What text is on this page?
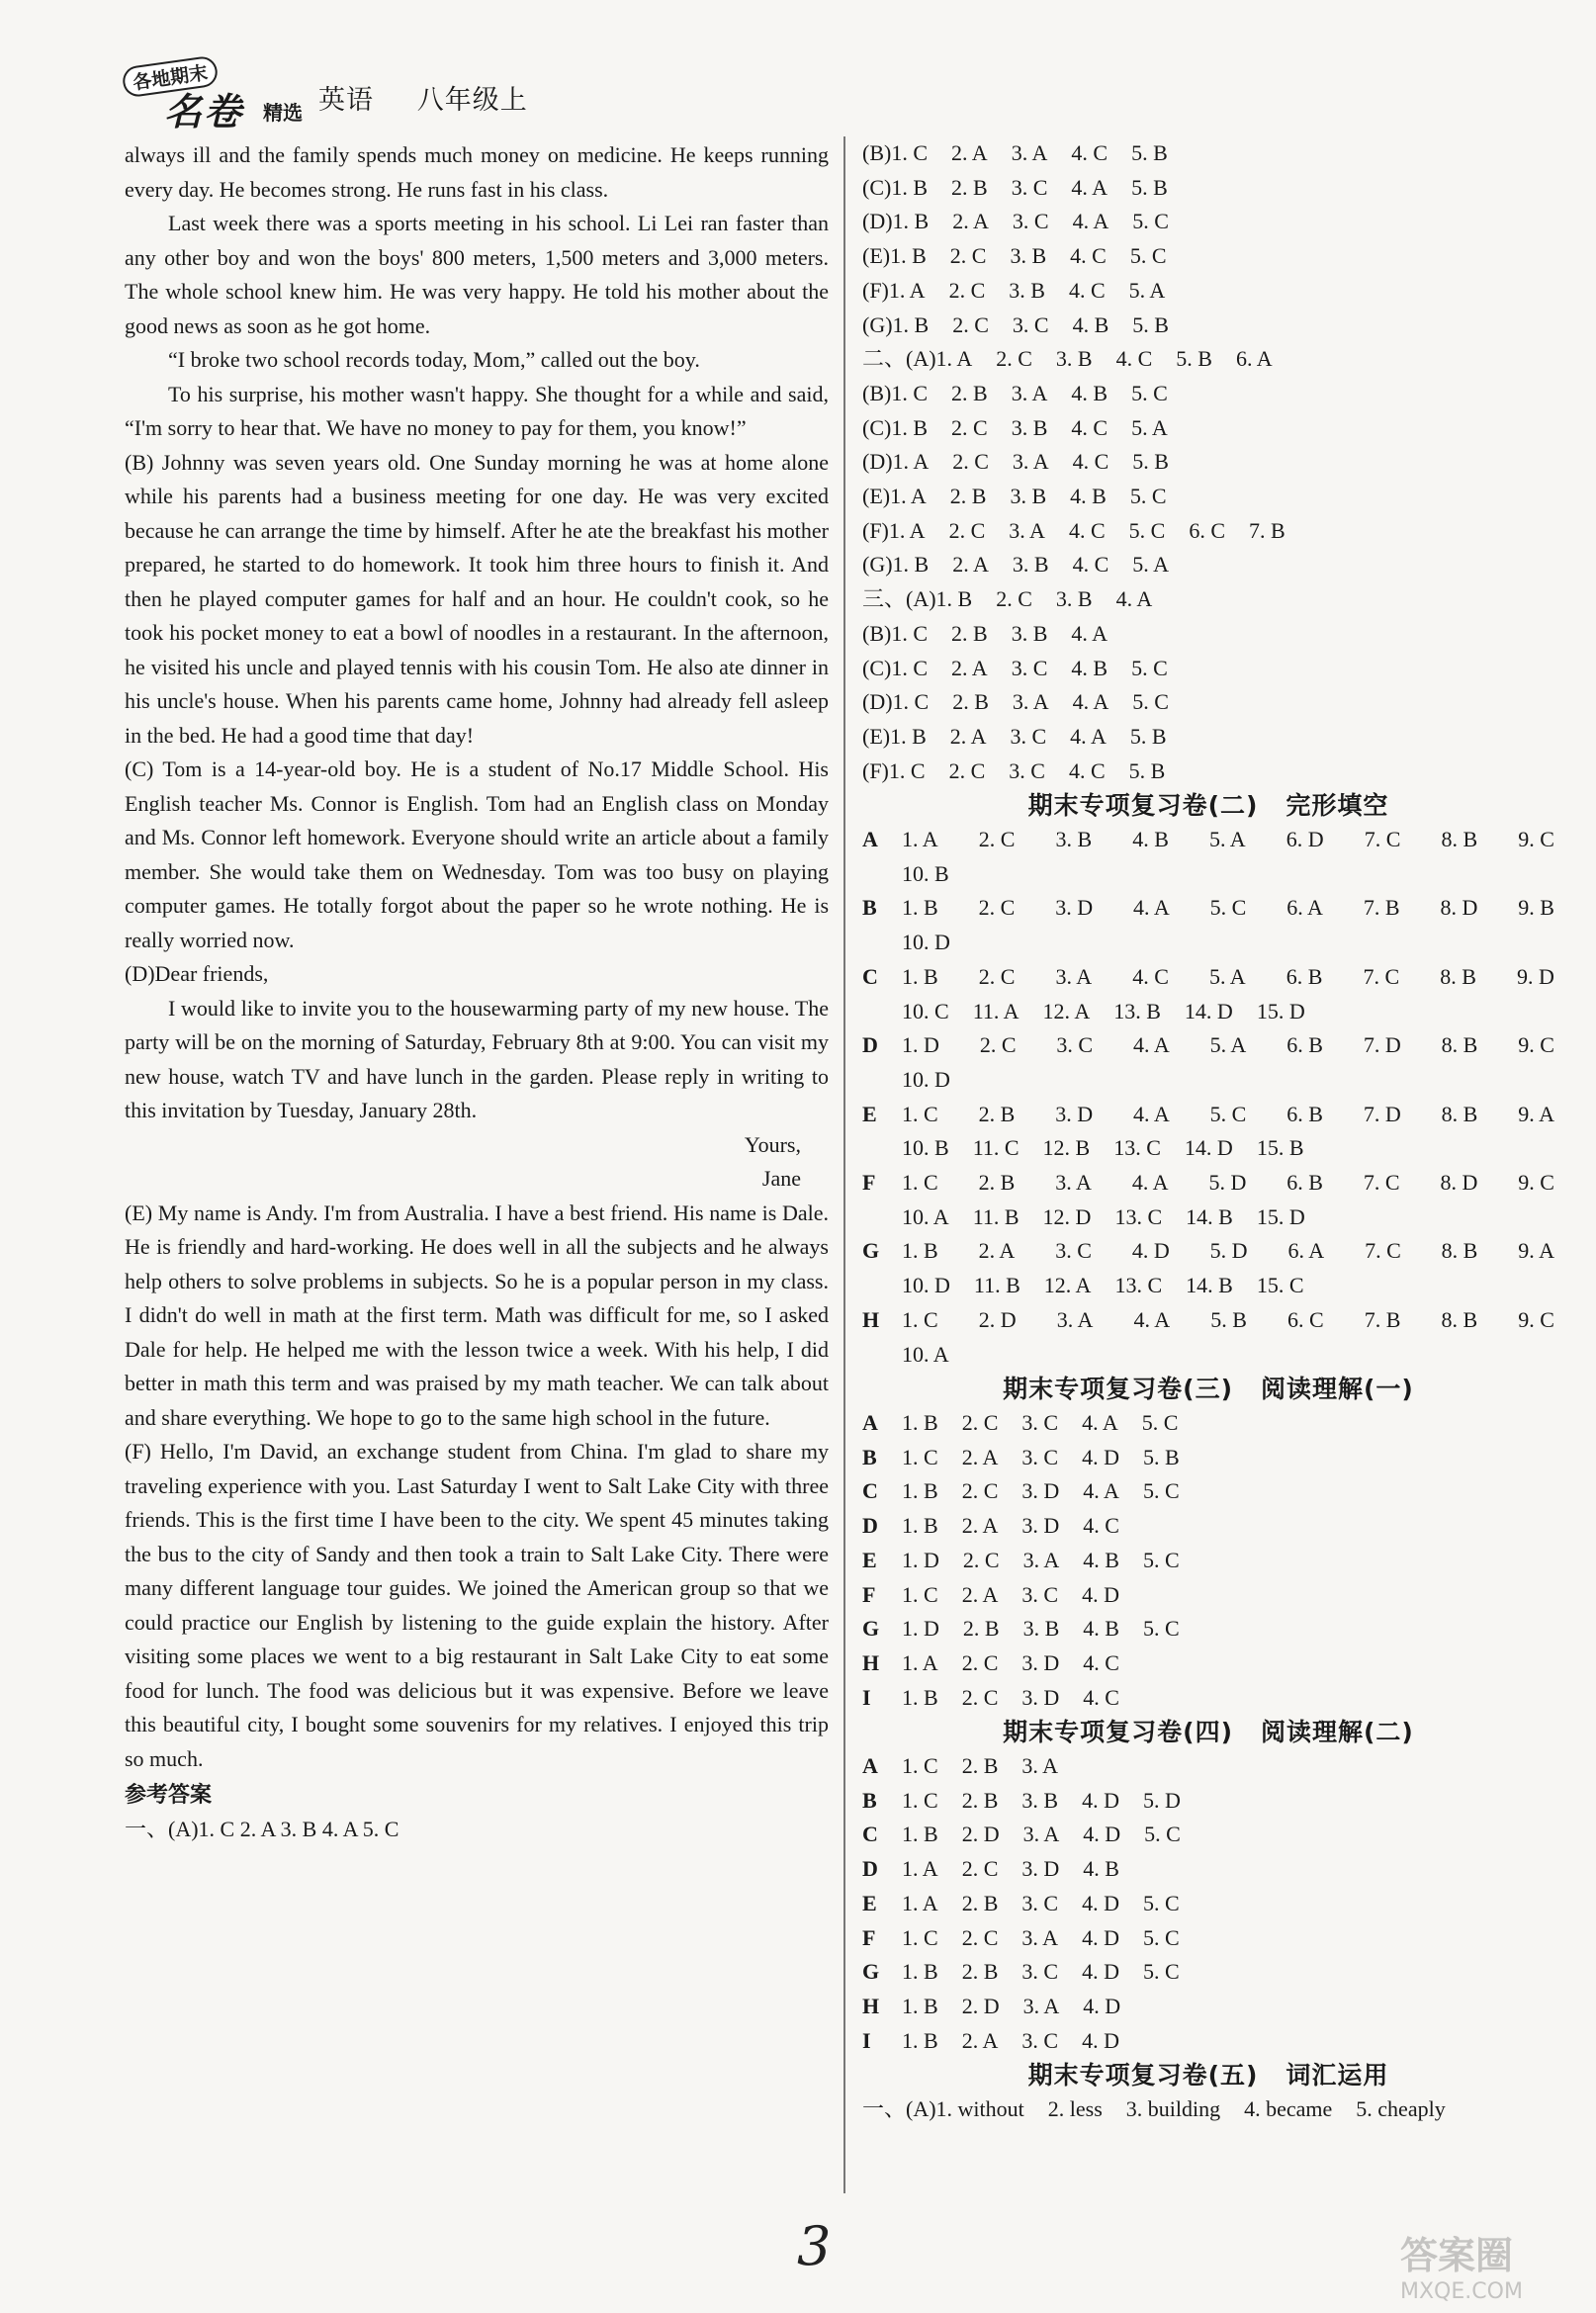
各地期末
名卷 精选 英语 八年级上

always ill and the family spends much money on medicine. He keeps running every day. He becomes strong. He runs fast in his class.

Last week there was a sports meeting in his school. Li Lei ran faster than any other boy and won the boys' 800 meters, 1,500 meters and 3,000 meters. The whole school knew him. He was very happy. He told his mother about the good news as soon as he got home.

“I broke two school records today, Mom,” called out the boy.

To his surprise, his mother wasn't happy. She thought for a while and said, “I'm sorry to hear that. We have no money to pay for them, you know!”

(B) Johnny was seven years old. One Sunday morning he was at home alone while his parents had a business meeting for one day. He was very excited because he can arrange the time by himself. After he ate the breakfast his mother prepared, he started to do homework. It took him three hours to finish it. And then he played computer games for half and an hour. He couldn't cook, so he took his pocket money to eat a bowl of noodles in a restaurant. In the afternoon, he visited his uncle and played tennis with his cousin Tom. He also ate dinner in his uncle's house. When his parents came home, Johnny had already fell asleep in the bed. He had a good time that day!

(C) Tom is a 14-year-old boy. He is a student of No.17 Middle School. His English teacher Ms. Connor is English. Tom had an English class on Monday and Ms. Connor left homework. Everyone should write an article about a family member. She would take them on Wednesday. Tom was too busy on playing computer games. He totally forgot about the paper so he wrote nothing. He is really worried now.

(D)Dear friends,

I would like to invite you to the housewarming party of my new house. The party will be on the morning of Saturday, February 8th at 9:00. You can visit my new house, watch TV and have lunch in the garden. Please reply in writing to this invitation by Tuesday, January 28th.

Yours,

Jane

(E) My name is Andy. I'm from Australia. I have a best friend. His name is Dale. He is friendly and hard-working. He does well in all the subjects and he always help others to solve problems in subjects. So he is a popular person in my class. I didn't do well in math at the first term. Math was difficult for me, so I asked Dale for help. He helped me with the lesson twice a week. With his help, I did better in math this term and was praised by my math teacher. We can talk about and share everything. We hope to go to the same high school in the future.

(F) Hello, I'm David, an exchange student from China. I'm glad to share my traveling experience with you. Last Saturday I went to Salt Lake City with three friends. This is the first time I have been to the city. We spent 45 minutes taking the bus to the city of Sandy and then took a train to Salt Lake City. There were many different language tour guides. We joined the American group so that we could practice our English by listening to the guide explain the history. After visiting some places we went to a big restaurant in Salt Lake City to eat some food for lunch. The food was delicious but it was expensive. Before we leave this beautiful city, I bought some souvenirs for my relatives. I enjoyed this trip so much.

参考答案

一、(A)1. C 2. A 3. B 4. A 5. C

(B) 1. C 2. A 3. A 4. C 5. B
(C) 1. B 2. B 3. C 4. A 5. B
(D) 1. B 2. A 3. C 4. A 5. C
(E) 1. B 2. C 3. B 4. C 5. C
(F) 1. A 2. C 3. B 4. C 5. A
(G) 1. B 2. C 3. C 4. B 5. B
二、(A) 1. A 2. C 3. B 4. C 5. B 6. A
(B) 1. C 2. B 3. A 4. B 5. C
(C) 1. B 2. C 3. B 4. C 5. A
(D) 1. A 2. C 3. A 4. C 5. B
(E) 1. A 2. B 3. B 4. B 5. C
(F) 1. A 2. C 3. A 4. C 5. C 6. C 7. B
(G) 1. B 2. A 3. B 4. C 5. A
三、(A) 1. B 2. C 3. B 4. A
(B) 1. C 2. B 3. B 4. A
(C) 1. C 2. A 3. C 4. B 5. C
(D) 1. C 2. B 3. A 4. A 5. C
(E) 1. B 2. A 3. C 4. A 5. B
(F) 1. C 2. C 3. C 4. C 5. B
期末专项复习卷(二) 完形填空
A	1. A 2. C 3. B 4. B 5. A 6. D 7. C 8. B 9. C
10. B
B	1. B 2. C 3. D 4. A 5. C 6. A 7. B 8. D 9. B
10. D
C	1. B 2. C 3. A 4. C 5. A 6. B 7. C 8. B 9. D
10. C 11. A 12. A 13. B 14. D 15. D
D	1. D 2. C 3. C 4. A 5. A 6. B 7. D 8. B 9. C
10. D
E	1. C 2. B 3. D 4. A 5. C 6. B 7. D 8. B 9. A
10. B 11. C 12. B 13. C 14. D 15. B
F	1. C 2. B 3. A 4. A 5. D 6. B 7. C 8. D 9. C
10. A 11. B 12. D 13. C 14. B 15. D
G	1. B 2. A 3. C 4. D 5. D 6. A 7. C 8. B 9. A
10. D 11. B 12. A 13. C 14. B 15. C
H	1. C 2. D 3. A 4. A 5. B 6. C 7. B 8. B 9. C
10. A
期末专项复习卷(三) 阅读理解(一)
A	1. B 2. C 3. C 4. A 5. C
B	1. C 2. A 3. C 4. D 5. B
C	1. B 2. C 3. D 4. A 5. C
D	1. B 2. A 3. D 4. C
E	1. D 2. C 3. A 4. B 5. C
F	1. C 2. A 3. C 4. D
G	1. D 2. B 3. B 4. B 5. C
H	1. A 2. C 3. D 4. C
I	1. B 2. C 3. D 4. C
期末专项复习卷(四) 阅读理解(二)
A	1. C 2. B 3. A
B	1. C 2. B 3. B 4. D 5. D
C	1. B 2. D 3. A 4. D 5. C
D	1. A 2. C 3. D 4. B
E	1. A 2. B 3. C 4. D 5. C
F	1. C 2. C 3. A 4. D 5. C
G	1. B 2. B 3. C 4. D 5. C
H	1. B 2. D 3. A 4. D
I	1. B 2. A 3. C 4. D
期末专项复习卷(五) 词汇运用
一、(A) 1. without 2. less 3. building 4. became 5. cheaply
3	答案圈
MXQE.COM
